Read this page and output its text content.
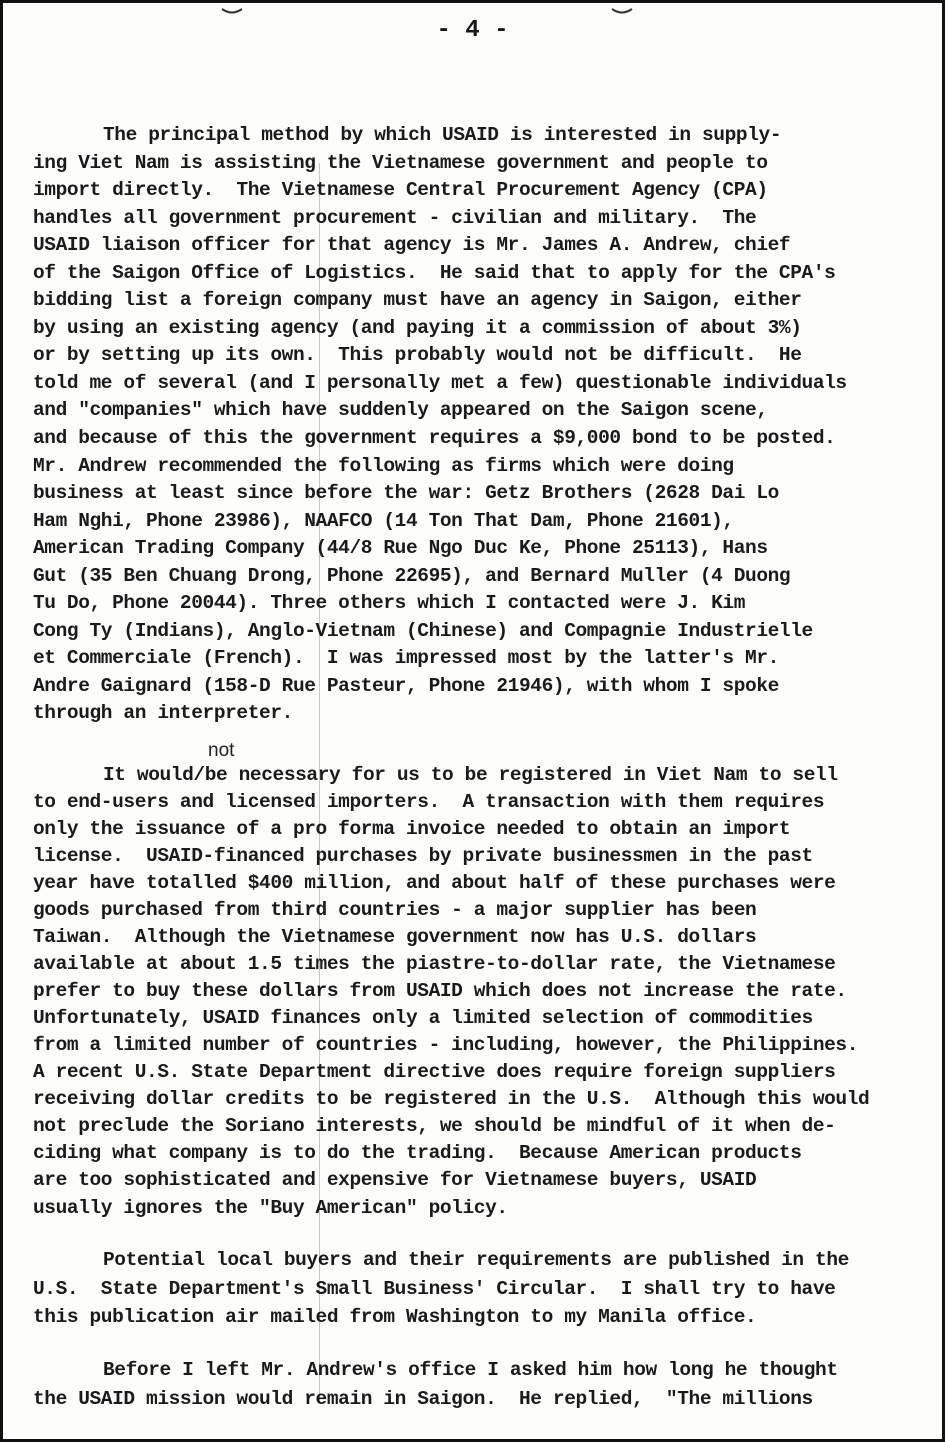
- 4 -
The principal method by which USAID is interested in supply-
ing Viet Nam is assisting the Vietnamese government and people to
import directly.  The Vietnamese Central Procurement Agency (CPA)
handles all government procurement - civilian and military.  The
USAID liaison officer for that agency is Mr. James A. Andrew, chief
of the Saigon Office of Logistics.  He said that to apply for the CPA's
bidding list a foreign company must have an agency in Saigon, either
by using an existing agency (and paying it a commission of about 3%)
or by setting up its own.  This probably would not be difficult.  He
told me of several (and I personally met a few) questionable individuals
and "companies" which have suddenly appeared on the Saigon scene,
and because of this the government requires a $9,000 bond to be posted.
Mr. Andrew recommended the following as firms which were doing
business at least since before the war: Getz Brothers (2628 Dai Lo
Ham Nghi, Phone 23986), NAAFCO (14 Ton That Dam, Phone 21601),
American Trading Company (44/8 Rue Ngo Duc Ke, Phone 25113), Hans
Gut (35 Ben Chuang Drong, Phone 22695), and Bernard Muller (4 Duong
Tu Do, Phone 20044). Three others which I contacted were J. Kim
Cong Ty (Indians), Anglo-Vietnam (Chinese) and Compagnie Industrielle
et Commerciale (French).  I was impressed most by the latter's Mr.
Andre Gaignard (158-D Rue Pasteur, Phone 21946), with whom I spoke
through an interpreter.
not
It would/be necessary for us to be registered in Viet Nam to sell
to end-users and licensed importers.  A transaction with them requires
only the issuance of a pro forma invoice needed to obtain an import
license.  USAID-financed purchases by private businessmen in the past
year have totalled $400 million, and about half of these purchases were
goods purchased from third countries - a major supplier has been
Taiwan.  Although the Vietnamese government now has U.S. dollars
available at about 1.5 times the piastre-to-dollar rate, the Vietnamese
prefer to buy these dollars from USAID which does not increase the rate.
Unfortunately, USAID finances only a limited selection of commodities
from a limited number of countries - including, however, the Philippines.
A recent U.S. State Department directive does require foreign suppliers
receiving dollar credits to be registered in the U.S.  Although this would
not preclude the Soriano interests, we should be mindful of it when de-
ciding what company is to do the trading.  Because American products
are too sophisticated and expensive for Vietnamese buyers, USAID
usually ignores the "Buy American" policy.
Potential local buyers and their requirements are published in the
U.S.  State Department's Small Business' Circular.  I shall try to have
this publication air mailed from Washington to my Manila office.
Before I left Mr. Andrew's office I asked him how long he thought
the USAID mission would remain in Saigon.  He replied,  "The millions
